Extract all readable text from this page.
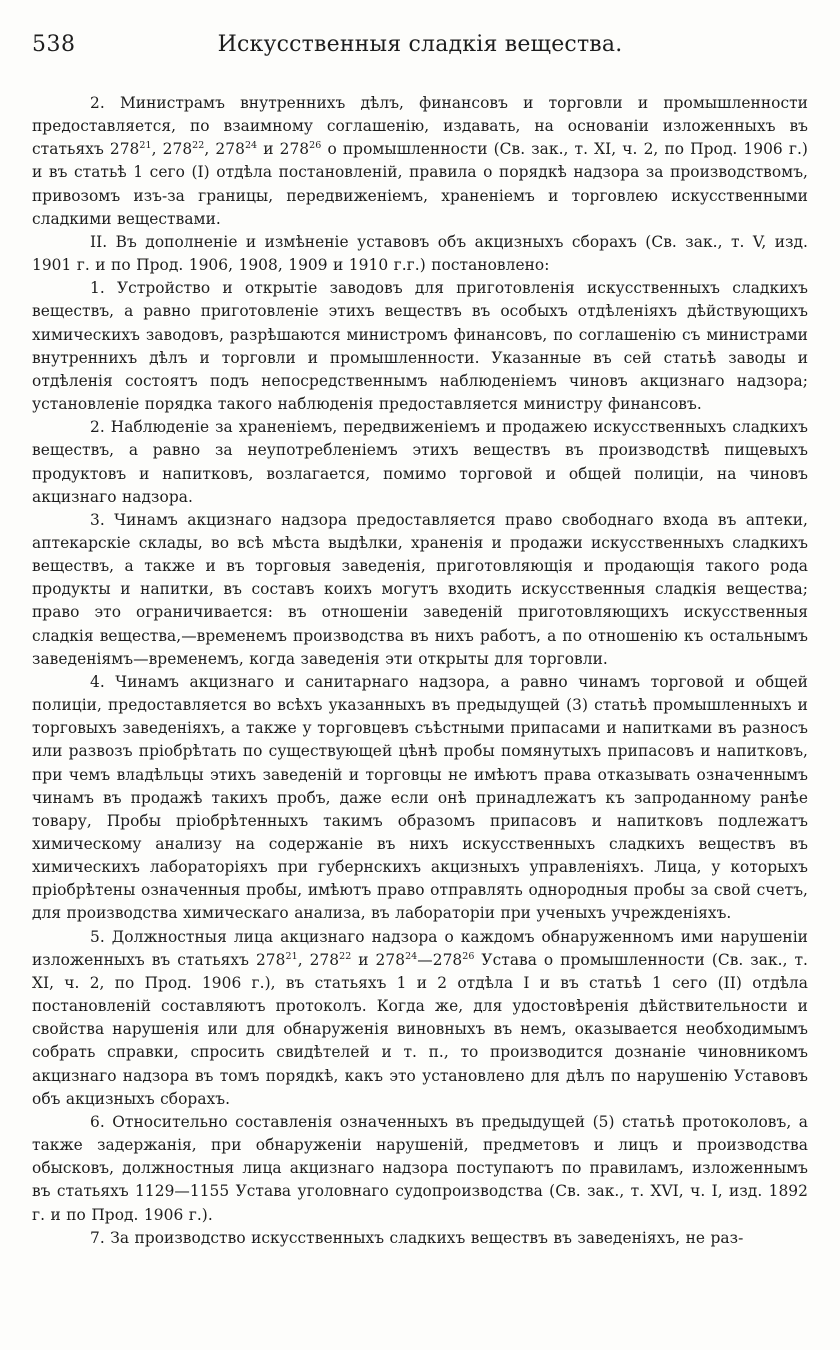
538	Искусственныя сладкія вещества.

2. Министрамъ внутреннихъ дѣлъ, финансовъ и торговли и промышленности предоставляется, по взаимному соглашенію, издавать, на основаніи изложенныхъ въ статьяхъ $278^{21}$, $278^{22}$, $278^{24}$ и $278^{26}$ о промышленности (Св. зак., т. XI, ч. 2, по Прод. 1906 г.) и въ статьѣ 1 сего (I) отдѣла постановленій, правила о порядкѣ надзора за производствомъ, привозомъ изъ-за границы, передвиженіемъ, храненіемъ и торговлею искусственными сладкими веществами.

II. Въ дополненіе и измѣненіе уставовъ объ акцизныхъ сборахъ (Св. зак., т. V, изд. 1901 г. и по Прод. 1906, 1908, 1909 и 1910 г.г.) постановлено:

1. Устройство и открытіе заводовъ для приготовленія искусственныхъ сладкихъ веществъ, а равно приготовленіе этихъ веществъ въ особыхъ отдѣленіяхъ дѣйствующихъ химическихъ заводовъ, разрѣшаются министромъ финансовъ, по соглашенію съ министрами внутреннихъ дѣлъ и торговли и промышленности. Указанные въ сей статьѣ заводы и отдѣленія состоятъ подъ непосредственнымъ наблюденіемъ чиновъ акцизнаго надзора; установленіе порядка такого наблюденія предоставляется министру финансовъ.

2. Наблюденіе за храненіемъ, передвиженіемъ и продажею искусственныхъ сладкихъ веществъ, а равно за неупотребленіемъ этихъ веществъ въ производствѣ пищевыхъ продуктовъ и напитковъ, возлагается, помимо торговой и общей полиціи, на чиновъ акцизнаго надзора.

3. Чинамъ акцизнаго надзора предоставляется право свободнаго входа въ аптеки, аптекарскіе склады, во всѣ мѣста выдѣлки, храненія и продажи искусственныхъ сладкихъ веществъ, а также и въ торговыя заведенія, приготовляющія и продающія такого рода продукты и напитки, въ составъ коихъ могутъ входить искусственныя сладкія вещества; право это ограничивается: въ отношеніи заведеній приготовляющихъ искусственныя сладкія вещества,—временемъ производства въ нихъ работъ, а по отношенію къ остальнымъ заведеніямъ—временемъ, когда заведенія эти открыты для торговли.

4. Чинамъ акцизнаго и санитарнаго надзора, а равно чинамъ торговой и общей полиціи, предоставляется во всѣхъ указанныхъ въ предыдущей (3) статьѣ промышленныхъ и торговыхъ заведеніяхъ, а также у торговцевъ съѣстными припасами и напитками въ разносъ или развозъ пріобрѣтать по существующей цѣнѣ пробы помянутыхъ припасовъ и напитковъ, при чемъ владѣльцы этихъ заведеній и торговцы не имѣютъ права отказывать означеннымъ чинамъ въ продажѣ такихъ пробъ, даже если онѣ принадлежатъ къ запроданному ранѣе товару, Пробы пріобрѣтенныхъ такимъ образомъ припасовъ и напитковъ подлежатъ химическому анализу на содержаніе въ нихъ искусственныхъ сладкихъ веществъ въ химическихъ лабораторіяхъ при губернскихъ акцизныхъ управленіяхъ. Лица, у которыхъ пріобрѣтены означенныя пробы, имѣютъ право отправлять однородныя пробы за свой счетъ, для производства химическаго анализа, въ лабораторіи при ученыхъ учрежденіяхъ.

5. Должностныя лица акцизнаго надзора о каждомъ обнаруженномъ ими нарушеніи изложенныхъ въ статьяхъ $278^{21}$, $278^{22}$ и $278^{24}—278^{26}$ Устава о промышленности (Св. зак., т. XI, ч. 2, по Прод. 1906 г.), въ статьяхъ 1 и 2 отдѣла I и въ статьѣ 1 сего (II) отдѣла постановленій составляютъ протоколъ. Когда же, для удостовѣренія дѣйствительности и свойства нарушенія или для обнаруженія виновныхъ въ немъ, оказывается необходимымъ собрать справки, спросить свидѣтелей и т. п., то производится дознаніе чиновникомъ акцизнаго надзора въ томъ порядкѣ, какъ это установлено для дѣлъ по нарушенію Уставовъ объ акцизныхъ сборахъ.

6. Относительно составленія означенныхъ въ предыдущей (5) статьѣ протоколовъ, а также задержанія, при обнаруженіи нарушеній, предметовъ и лицъ и производства обысковъ, должностныя лица акцизнаго надзора поступаютъ по правиламъ, изложеннымъ въ статьяхъ 1129—1155 Устава уголовнаго судопроизводства (Св. зак., т. XVI, ч. I, изд. 1892 г. и по Прод. 1906 г.).

7. За производство искусственныхъ сладкихъ веществъ въ заведеніяхъ, не раз-
